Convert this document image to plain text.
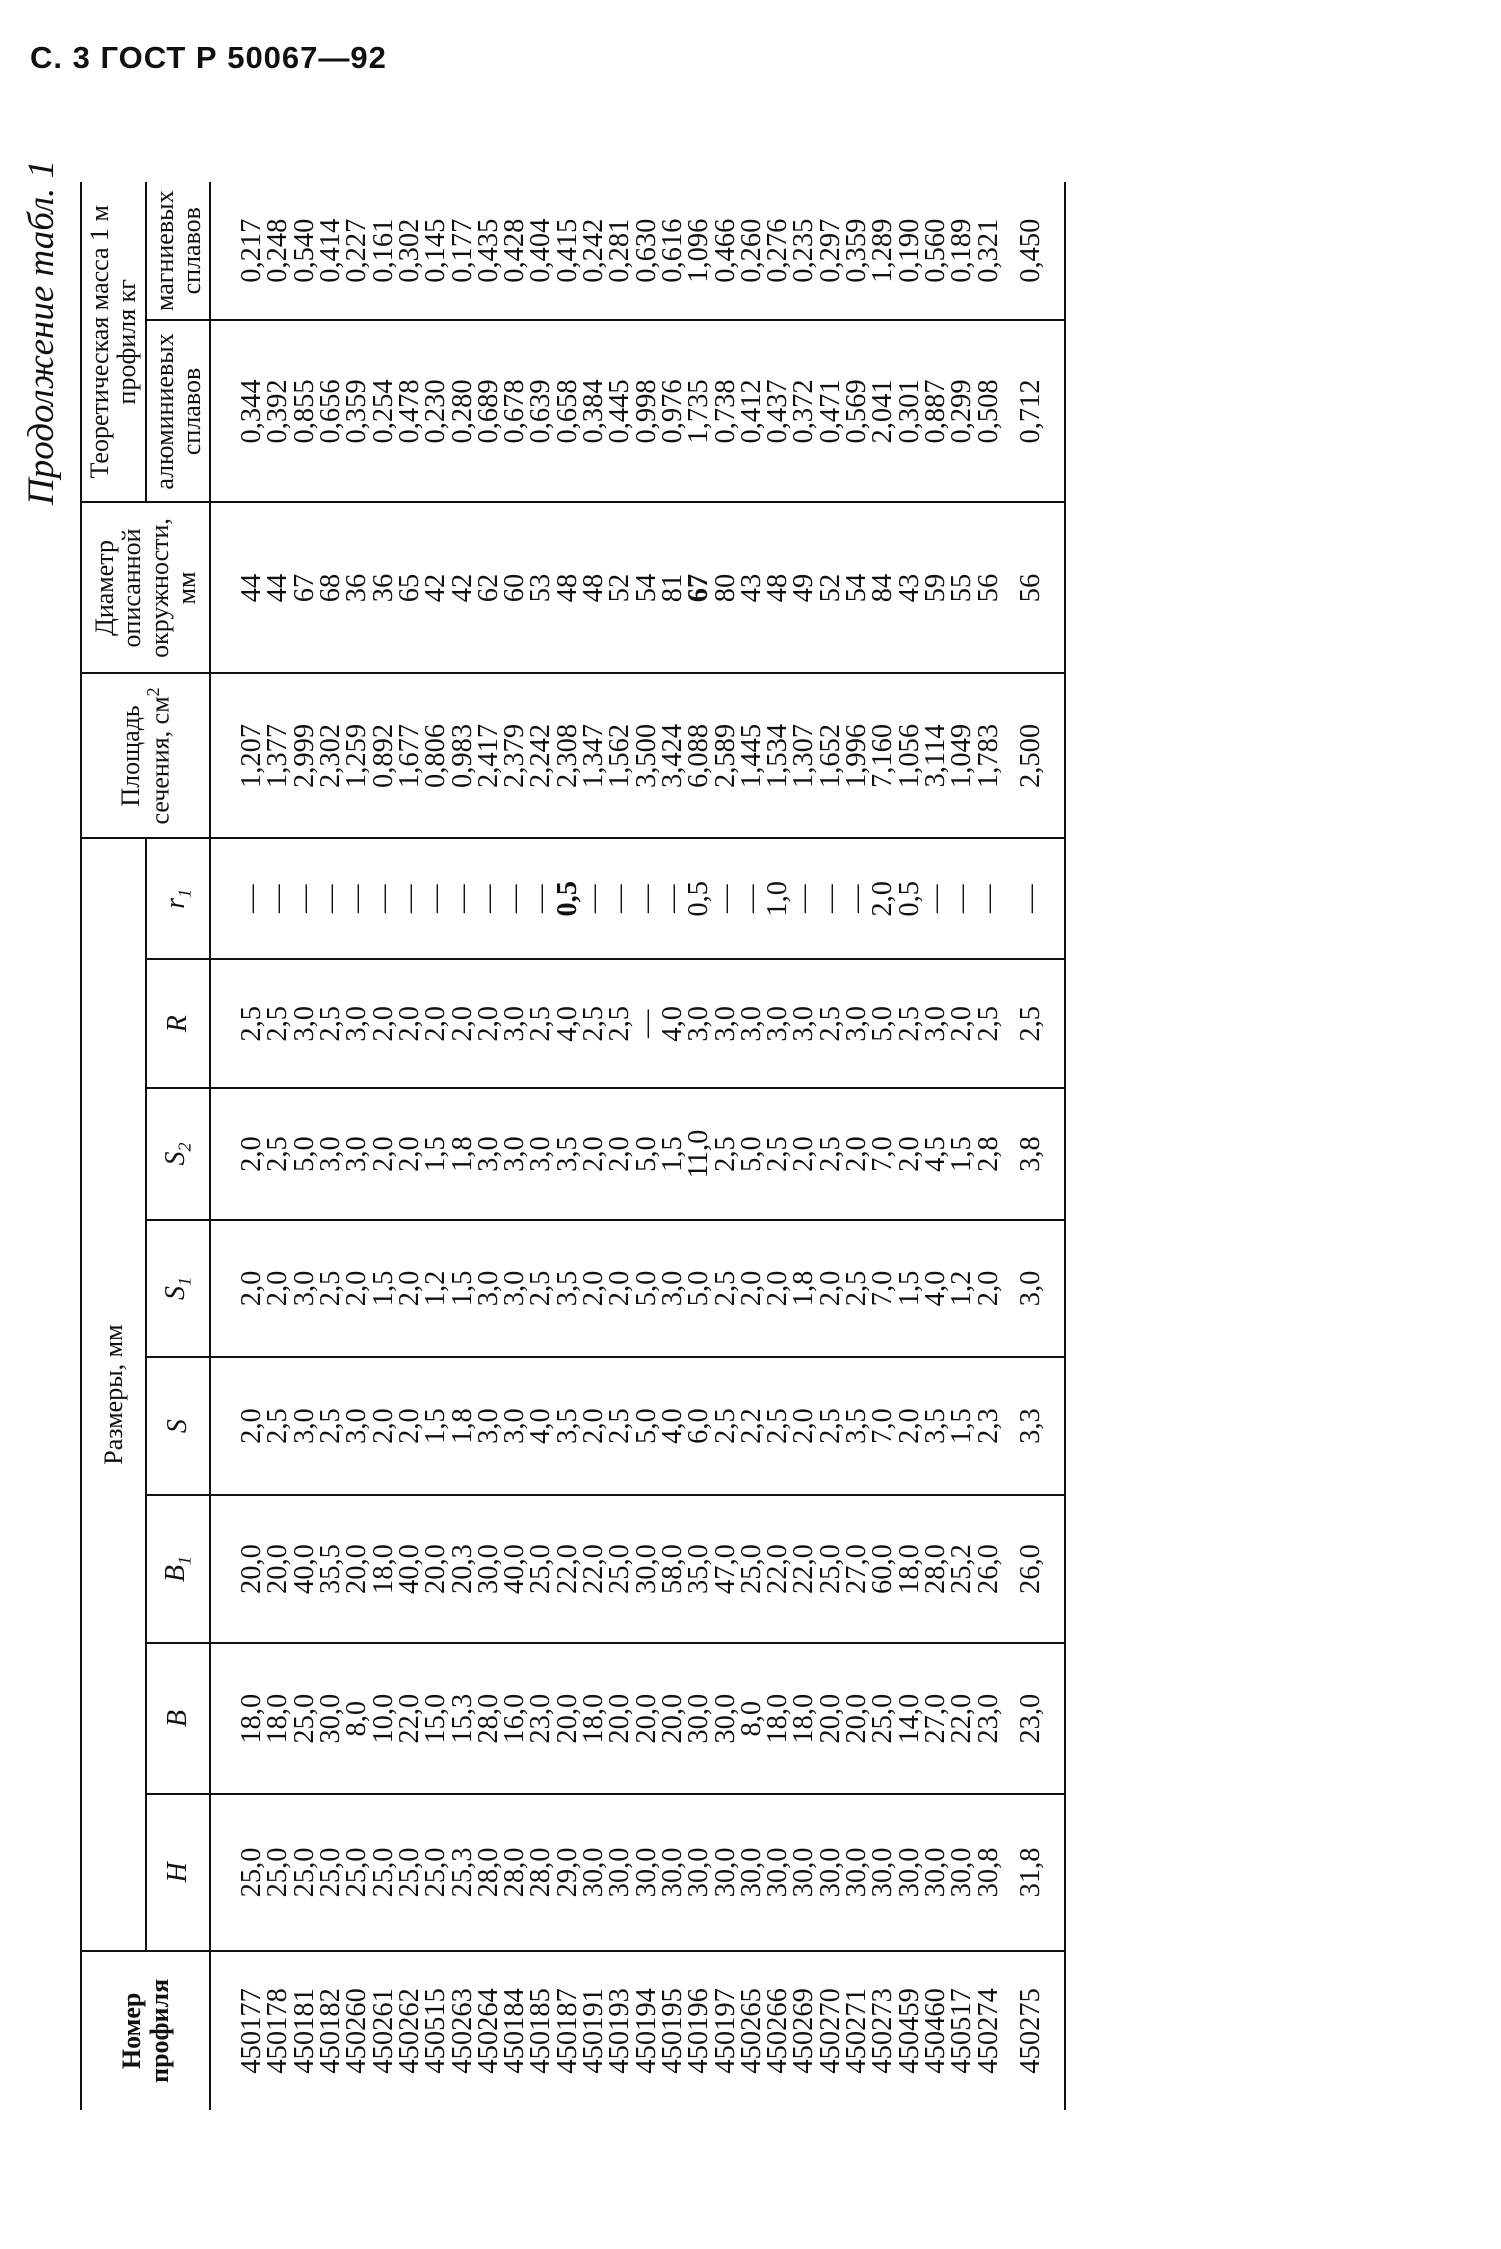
С. 3 ГОСТ Р 50067—92
Продолжение табл. 1
Номер профиля	Размеры, мм								Площадь сечения, $см^2$	Диаметр описанной окружности, мм	Теоретическая масса 1 м профиля кг	
	H	B	$B_1$	S	$S_1$	$S_2$	R	$r_1$			алюминиевых сплавов	магниевых сплавов
450177	25,0	18,0	20,0	2,0	2,0	2,0	2,5	—	1,207	44	0,344	0,217
450178	25,0	18,0	20,0	2,5	2,0	2,5	2,5	—	1,377	44	0,392	0,248
450181	25,0	25,0	40,0	3,0	3,0	5,0	3,0	—	2,999	67	0,855	0,540
450182	25,0	30,0	35,5	2,5	2,5	3,0	2,5	—	2,302	68	0,656	0,414
450260	25,0	8,0	20,0	3,0	2,0	3,0	3,0	—	1,259	36	0,359	0,227
450261	25,0	10,0	18,0	2,0	1,5	2,0	2,0	—	0,892	36	0,254	0,161
450262	25,0	22,0	40,0	2,0	2,0	2,0	2,0	—	1,677	65	0,478	0,302
450515	25,0	15,0	20,0	1,5	1,2	1,5	2,0	—	0,806	42	0,230	0,145
450263	25,3	15,3	20,3	1,8	1,5	1,8	2,0	—	0,983	42	0,280	0,177
450264	28,0	28,0	30,0	3,0	3,0	3,0	2,0	—	2,417	62	0,689	0,435
450184	28,0	16,0	40,0	3,0	3,0	3,0	3,0	—	2,379	60	0,678	0,428
450185	28,0	23,0	25,0	4,0	2,5	3,0	2,5	—	2,242	53	0,639	0,404
450187	29,0	20,0	22,0	3,5	3,5	3,5	4,0	0,5	2,308	48	0,658	0,415
450191	30,0	18,0	22,0	2,0	2,0	2,0	2,5	—	1,347	48	0,384	0,242
450193	30,0	20,0	25,0	2,5	2,0	2,0	2,5	—	1,562	52	0,445	0,281
450194	30,0	20,0	30,0	5,0	5,0	5,0	—	—	3,500	54	0,998	0,630
450195	30,0	20,0	58,0	4,0	3,0	1,5	4,0	—	3,424	81	0,976	0,616
450196	30,0	30,0	35,0	6,0	5,0	11,0	3,0	0,5	6,088	67	1,735	1,096
450197	30,0	30,0	47,0	2,5	2,5	2,5	3,0	—	2,589	80	0,738	0,466
450265	30,0	8,0	25,0	2,2	2,0	5,0	3,0	—	1,445	43	0,412	0,260
450266	30,0	18,0	22,0	2,5	2,0	2,5	3,0	1,0	1,534	48	0,437	0,276
450269	30,0	18,0	22,0	2,0	1,8	2,0	3,0	—	1,307	49	0,372	0,235
450270	30,0	20,0	25,0	2,5	2,0	2,5	2,5	—	1,652	52	0,471	0,297
450271	30,0	20,0	27,0	3,5	2,5	2,0	3,0	—	1,996	54	0,569	0,359
450273	30,0	25,0	60,0	7,0	7,0	7,0	5,0	2,0	7,160	84	2,041	1,289
450459	30,0	14,0	18,0	2,0	1,5	2,0	2,5	0,5	1,056	43	0,301	0,190
450460	30,0	27,0	28,0	3,5	4,0	4,5	3,0	—	3,114	59	0,887	0,560
450517	30,0	22,0	25,2	1,5	1,2	1,5	2,0	—	1,049	55	0,299	0,189
450274	30,8	23,0	26,0	2,3	2,0	2,8	2,5	—	1,783	56	0,508	0,321
450275	31,8	23,0	26,0	3,3	3,0	3,8	2,5	—	2,500	56	0,712	0,450
